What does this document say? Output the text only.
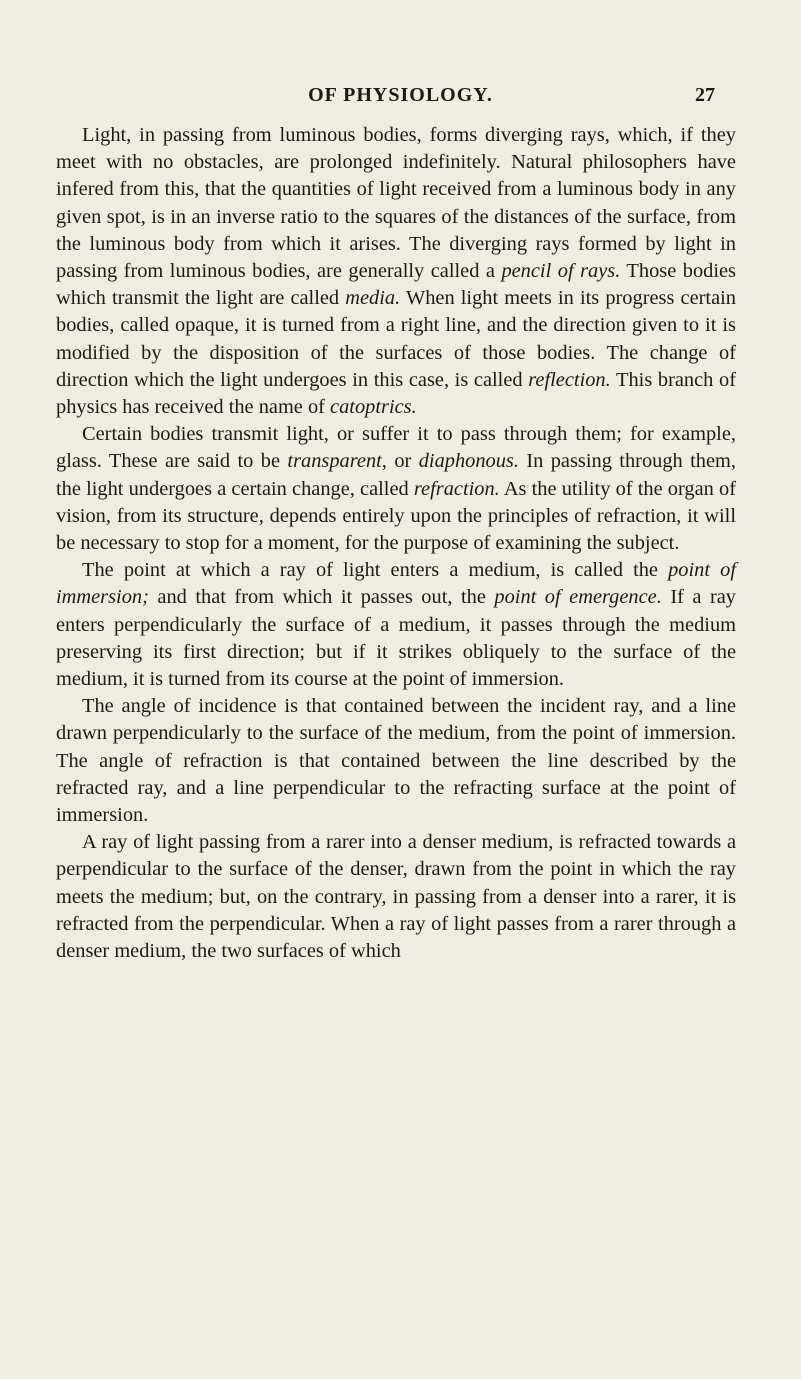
OF PHYSIOLOGY.	27

Light, in passing from luminous bodies, forms diverging rays, which, if they meet with no obstacles, are prolonged indefinitely. Natural philosophers have infered from this, that the quantities of light received from a luminous body in any given spot, is in an inverse ratio to the squares of the distances of the surface, from the luminous body from which it arises. The diverging rays formed by light in passing from luminous bodies, are generally called a pencil of rays. Those bodies which transmit the light are called media. When light meets in its progress certain bodies, called opaque, it is turned from a right line, and the direction given to it is modified by the disposition of the surfaces of those bodies. The change of direction which the light undergoes in this case, is called reflection. This branch of physics has received the name of catoptrics.

Certain bodies transmit light, or suffer it to pass through them; for example, glass. These are said to be transparent, or diaphonous. In passing through them, the light undergoes a certain change, called refraction. As the utility of the organ of vision, from its structure, depends entirely upon the principles of refraction, it will be necessary to stop for a moment, for the purpose of examining the subject.

The point at which a ray of light enters a medium, is called the point of immersion; and that from which it passes out, the point of emergence. If a ray enters perpendicularly the surface of a medium, it passes through the medium preserving its first direction; but if it strikes obliquely to the surface of the medium, it is turned from its course at the point of immersion.

The angle of incidence is that contained between the incident ray, and a line drawn perpendicularly to the surface of the medium, from the point of immersion. The angle of refraction is that contained between the line described by the refracted ray, and a line perpendicular to the refracting surface at the point of immersion.

A ray of light passing from a rarer into a denser medium, is refracted towards a perpendicular to the surface of the denser, drawn from the point in which the ray meets the medium; but, on the contrary, in passing from a denser into a rarer, it is refracted from the perpendicular. When a ray of light passes from a rarer through a denser medium, the two surfaces of which
